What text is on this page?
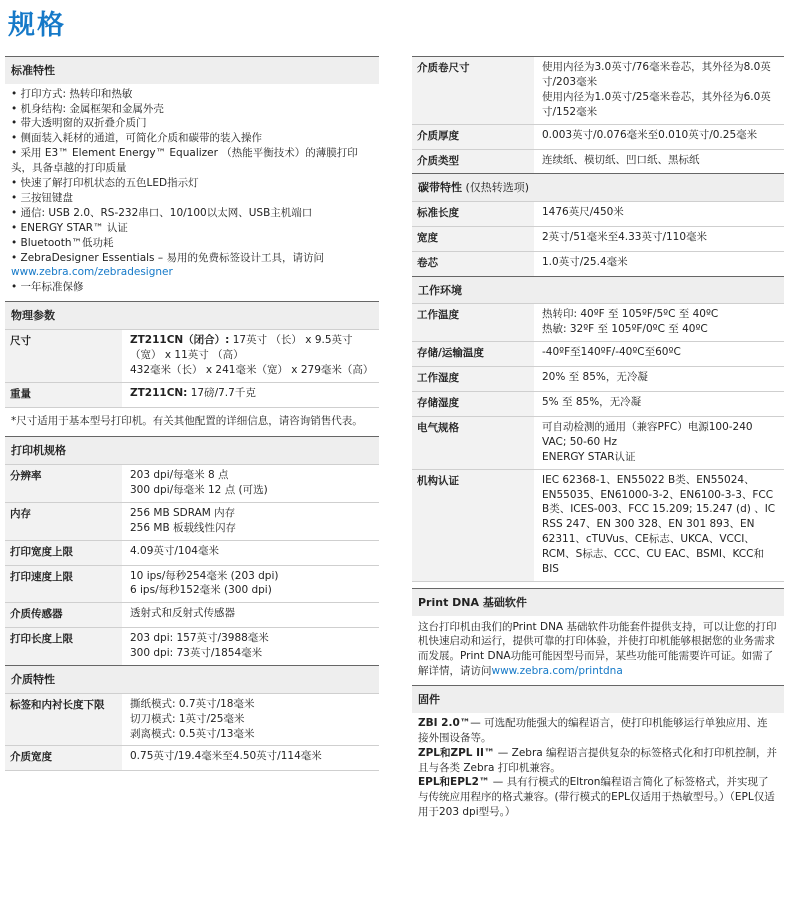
规格
标准特性
• 打印方式: 热转印和热敏
• 机身结构: 金属框架和金属外壳
• 带大透明窗的双折叠介质门
• 侧面装入耗材的通道，可简化介质和碳带的装入操作
• 采用 E3™ Element Energy™ Equalizer （热能平衡技术）的薄膜打印头，具备卓越的打印质量
• 快速了解打印机状态的五色LED指示灯
• 三按钮键盘
• 通信: USB 2.0、RS-232串口、10/100以太网、USB主机端口
• ENERGY STAR™ 认证
• Bluetooth™低功耗
• ZebraDesigner Essentials – 易用的免费标签设计工具，请访问
www.zebra.com/zebradesigner
• 一年标准保修
物理参数
尺寸	ZT211CN（闭合）: 17英寸 （长） x 9.5英寸 （宽） x 11英寸 （高）
432毫米（长） x 241毫米（宽） x 279毫米（高）
重量	ZT211CN: 17磅/7.7千克
*尺寸适用于基本型号打印机。有关其他配置的详细信息，请咨询销售代表。
打印机规格
分辨率	203 dpi/每毫米 8 点
300 dpi/每毫米 12 点 (可选)
内存	256 MB SDRAM 内存
256 MB 板载线性闪存
打印宽度上限	4.09英寸/104毫米
打印速度上限	10 ips/每秒254毫米 (203 dpi)
6 ips/每秒152毫米 (300 dpi)
介质传感器	透射式和反射式传感器
打印长度上限	203 dpi: 157英寸/3988毫米
300 dpi: 73英寸/1854毫米
介质特性
标签和内衬长度下限	撕纸模式: 0.7英寸/18毫米
切刀模式: 1英寸/25毫米
剥离模式: 0.5英寸/13毫米
介质宽度	0.75英寸/19.4毫米至4.50英寸/114毫米
介质卷尺寸	使用内径为3.0英寸/76毫米卷芯，其外径为8.0英寸/203毫米
使用内径为1.0英寸/25毫米卷芯，其外径为6.0英寸/152毫米
介质厚度	0.003英寸/0.076毫米至0.010英寸/0.25毫米
介质类型	连续纸、模切纸、凹口纸、黑标纸
碳带特性 (仅热转选项)
标准长度	1476英尺/450米
宽度	2英寸/51毫米至4.33英寸/110毫米
卷芯	1.0英寸/25.4毫米
工作环境
工作温度	热转印: 40ºF 至 105ºF/5ºC 至 40ºC
热敏: 32ºF 至 105ºF/0ºC 至 40ºC
存储/运输温度	-40ºF至140ºF/-40ºC至60ºC
工作湿度	20% 至 85%，无冷凝
存储湿度	5% 至 85%，无冷凝
电气规格	可自动检测的通用（兼容PFC）电源100-240 VAC; 50-60 Hz
ENERGY STAR认证
机构认证	IEC 62368-1、EN55022 B类、EN55024、EN55035、EN61000-3-2、EN6100-3-3、FCC B类、ICES-003、FCC 15.209; 15.247 (d) 、IC RSS 247、EN 300 328、EN 301 893、EN 62311、cTUVus、CE标志、UKCA、VCCI、RCM、S标志、CCC、CU EAC、BSMI、KCC和BIS
Print DNA 基础软件
这台打印机由我们的Print DNA 基础软件功能套件提供支持，可以让您的打印机快速启动和运行，提供可靠的打印体验，并使打印机能够根据您的业务需求而发展。Print DNA功能可能因型号而异，某些功能可能需要许可证。如需了解详情，请访问www.zebra.com/printdna
固件
ZBI 2.0™— 可选配功能强大的编程语言，使打印机能够运行单独应用、连接外围设备等。
ZPL和ZPL II™ — Zebra 编程语言提供复杂的标签格式化和打印机控制，并且与各类 Zebra 打印机兼容。
EPL和EPL2™ — 具有行模式的Eltron编程语言简化了标签格式，并实现了与传统应用程序的格式兼容。(带行模式的EPL仅适用于热敏型号。）（EPL仅适用于203 dpi型号。）
